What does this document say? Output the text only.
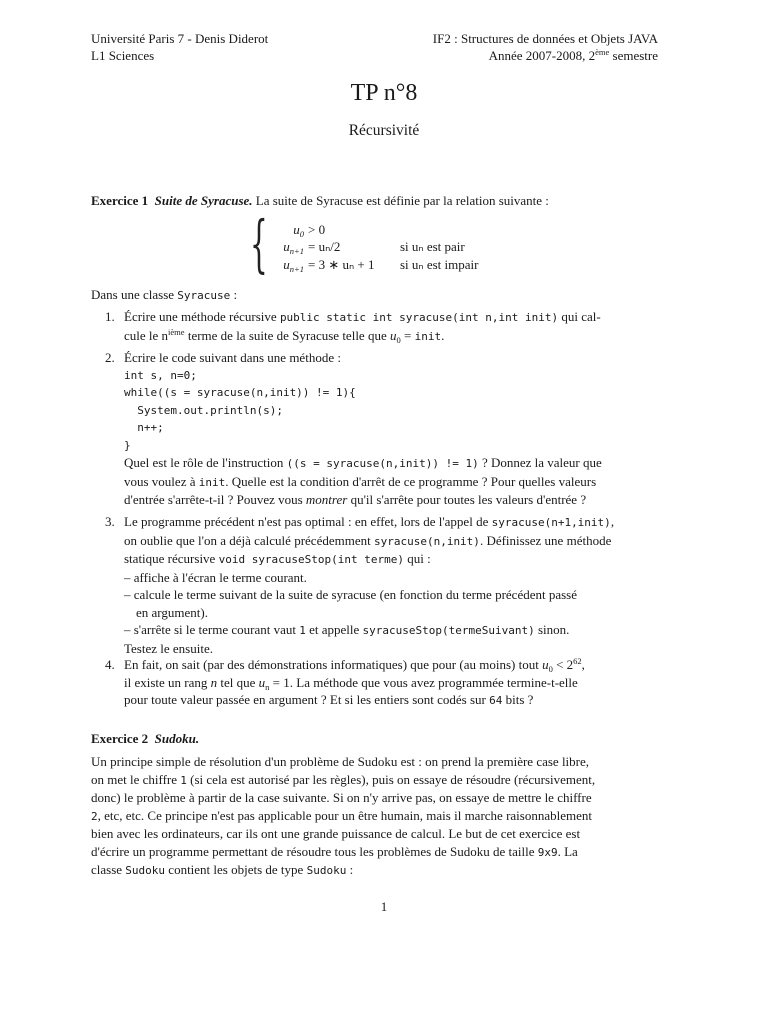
Université Paris 7 - Denis Diderot
L1 Sciences
IF2 : Structures de données et Objets JAVA
Année 2007-2008, 2ème semestre
TP n°8
Récursivité
Exercice 1 Suite de Syracuse. La suite de Syracuse est définie par la relation suivante :
{	$u_0 > 0$
$u_{n+1} = u_n/2$	si uₙ est pair
$u_{n+1} = 3$ ∗ uₙ + 1 si uₙ est impair
Dans une classe Syracuse :
1. Écrire une méthode récursive public static int syracuse(int n,int init) qui cal-
cule le $n^{ième}$ terme de la suite de Syracuse telle que $u_0$ = init.
2. Écrire le code suivant dans une méthode :
int s, n=0;
while((s = syracuse(n,init)) != 1){
System.out.println(s);
n++;
}
Quel est le rôle de l'instruction ((s = syracuse(n,init)) != 1) ? Donnez la valeur que
vous voulez à init. Quelle est la condition d'arrêt de ce programme ? Pour quelles valeurs
d'entrée s'arrête-t-il ? Pouvez vous montrer qu'il s'arrête pour toutes les valeurs d'entrée ?
3. Le programme précédent n'est pas optimal : en effet, lors de l'appel de syracuse(n+1,init),
on oublie que l'on a déjà calculé précédemment syracuse(n,init). Définissez une méthode
statique récursive void syracuseStop(int terme) qui :
– affiche à l'écran le terme courant.
– calcule le terme suivant de la suite de syracuse (en fonction du terme précédent passé
en argument).
– s'arrête si le terme courant vaut 1 et appelle syracuseStop(termeSuivant) sinon.
Testez le ensuite.
4. En fait, on sait (par des démonstrations informatiques) que pour (au moins) tout $u_0 < 2^{62}$,
il existe un rang n tel que $u_n = 1$. La méthode que vous avez programmée termine-t-elle
pour toute valeur passée en argument ? Et si les entiers sont codés sur 64 bits ?
Exercice 2 Sudoku.
Un principe simple de résolution d'un problème de Sudoku est : on prend la première case libre,
on met le chiffre 1 (si cela est autorisé par les règles), puis on essaye de résoudre (récursivement,
donc) le problème à partir de la case suivante. Si on n'y arrive pas, on essaye de mettre le chiffre
2, etc, etc. Ce principe n'est pas applicable pour un être humain, mais il marche raisonnablement
bien avec les ordinateurs, car ils ont une grande puissance de calcul. Le but de cet exercice est
d'écrire un programme permettant de résoudre tous les problèmes de Sudoku de taille 9x9. La
classe Sudoku contient les objets de type Sudoku :
1
